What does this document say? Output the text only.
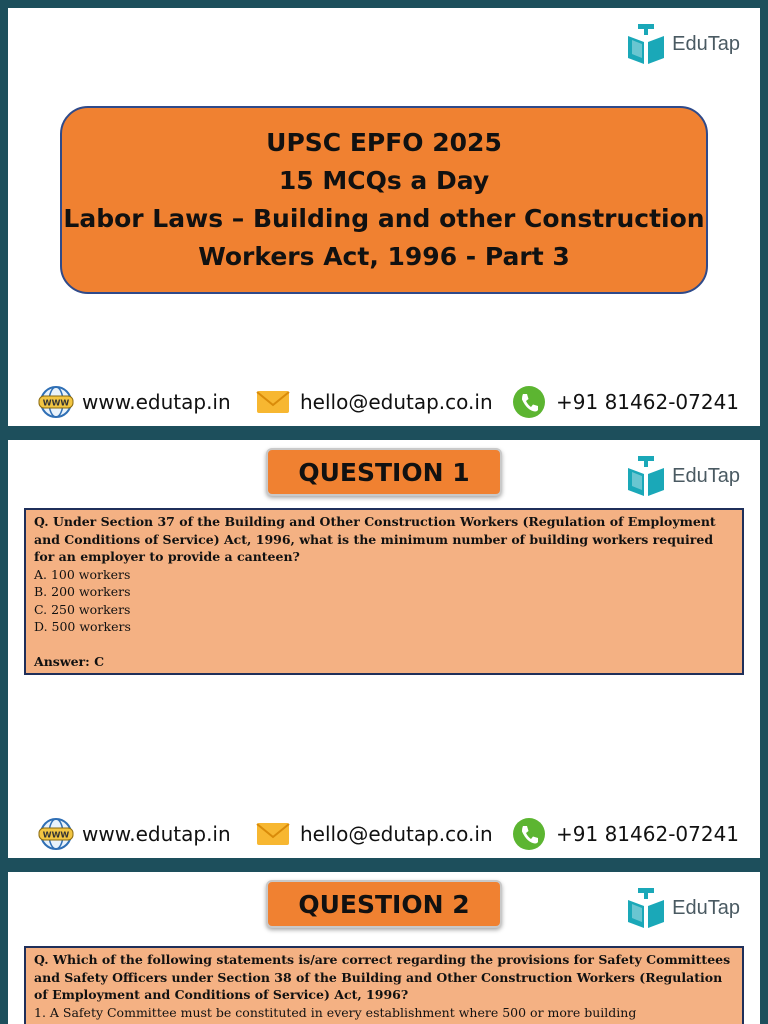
EduTap
UPSC EPFO 2025
15 MCQs a Day
Labor Laws – Building and other Construction
Workers Act, 1996 - Part 3
WWW www.edutap.in	hello@edutap.co.in	+91 81462-07241
QUESTION 1	EduTap
Q. Under Section 37 of the Building and Other Construction Workers (Regulation of Employment and Conditions of Service) Act, 1996, what is the minimum number of building workers required for an employer to provide a canteen?
A. 100 workers
B. 200 workers
C. 250 workers
D. 500 workers
Answer: C
WWW www.edutap.in	hello@edutap.co.in	+91 81462-07241
QUESTION 2	EduTap
Q. Which of the following statements is/are correct regarding the provisions for Safety Committees and Safety Officers under Section 38 of the Building and Other Construction Workers (Regulation of Employment and Conditions of Service) Act, 1996?
1. A Safety Committee must be constituted in every establishment where 500 or more building
